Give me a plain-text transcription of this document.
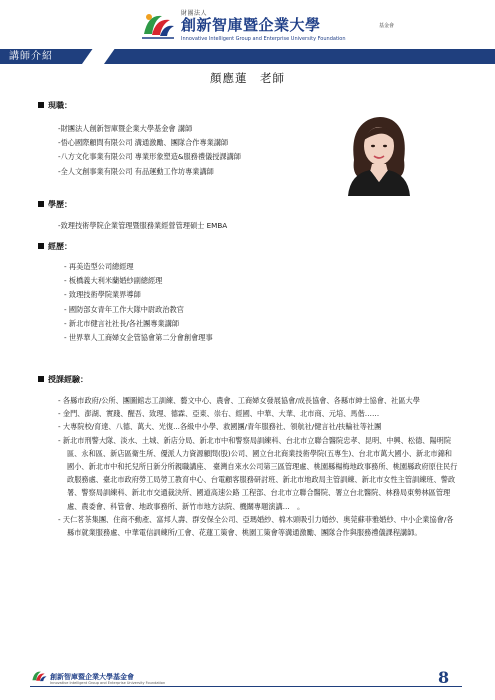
財團法人
創新智庫暨企業大學	基金會
Innovative Intelligent Group and Enterprise University Foundation
講師介紹
顏應蓮　老師
現職：
-財團法人創新智庫暨企業大學基金會 講師
-悟心國際顧問有限公司 溝通激勵、團隊合作專業講師
-八方文化事業有限公司 專業形象塑造&服務禮儀授課講師
-全人文創事業有限公司 有品運動工作坊專業講師
學歷：
-致理技術學院企業管理暨服務業經營管理碩士 EMBA
經歷：
- 再美造型公司總經理
- 板橋義大利米蘭婚紗副總經理
- 致理技術學院業界導師
- 國防部女青年工作大隊中尉政治教官
- 新北市健言社社長/各社團專業講師
- 世界華人工商婦女企管協會第二分會創會理事
授課經驗：
- 各縣市政府/公所、團圖館志工訓練、藝文中心、農會、工商婦女發展協會/成長協會、各縣市紳士協會、社區大學
- 金門、澎湖、實踐、醒吾、致理、德霖、亞東、崇右、經國、中華、大華、北市商、元培、馬偕……
- 大專院校/育達、八德、萬大、光復...各級中小學、救國團/青年服務社、領航社/健言社/扶輪社等社團
- 新北市刑警大隊、淡水、土城、新店分局、新北市中和警察局訓練科、台北市立聯合醫院忠孝、昆明、中興、松德、陽明院區、永和區、新店區衛生所、優派人力資源顧問(股)公司、國立台北商業技術學院(五專生)、台北市萬大國小、新北市錦和國小、新北市中和托兒所日新分所親職講座、 臺灣自來水公司第三區管理處、桃園縣楊梅地政事務所、桃園縣政府原住民行政服務處、臺北市政府勞工局勞工教育中心、台電顧客服務研討班、新北市地政局主管訓練、新北市女性主管訓練班、警政署、警察局訓練科、新北市交通裁決所、國道高速公路 工程部、台北市立聯合醫院、署立台北醫院、林務局東勢林區管理處、農委會、科管會、地政事務所、新竹市地方法院、機關專題演講…　。
- 天仁茗茶集團、住商不動產、富邦人壽、群安保全公司、亞瑪婚紗、棉木頭吸引力婚紗、奧莞蘇菲雅婚紗、中小企業協會/各縣市就業服務處、中華電信訓練所/工會、花蓮工策會、桃園工策會等溝通激勵、團隊合作與服務禮儀課程講師。
創新智庫暨企業大學基金會
Innovative Intelligent Group and Enterprise University Foundation	8
